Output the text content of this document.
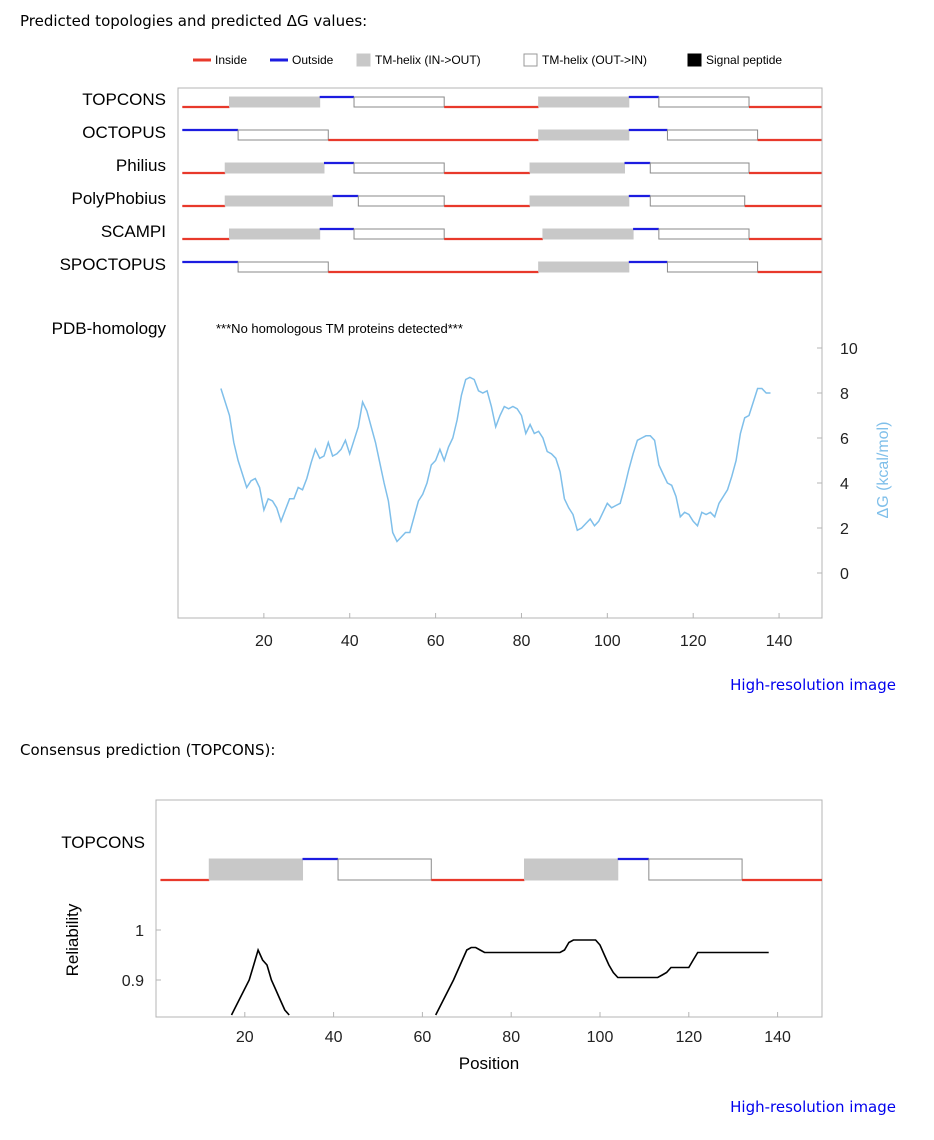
Predicted topologies and predicted ΔG values:
Inside	Outside	TM-helix (IN->OUT)	TM-helix (OUT->IN)	Signal peptide
TOPCONS
OCTOPUS
Philius
PolyPhobius
SCAMPI
SPOCTOPUS
PDB-homology	***No homologous TM proteins detected***
20	40	60	80	100	120	140
0
2
4
6
8
10
ΔG (kcal/mol)
High-resolution image
Consensus prediction (TOPCONS):
TOPCONS
20	40	60	80	100	120	140
0.9
1
Position
Reliability
High-resolution image
